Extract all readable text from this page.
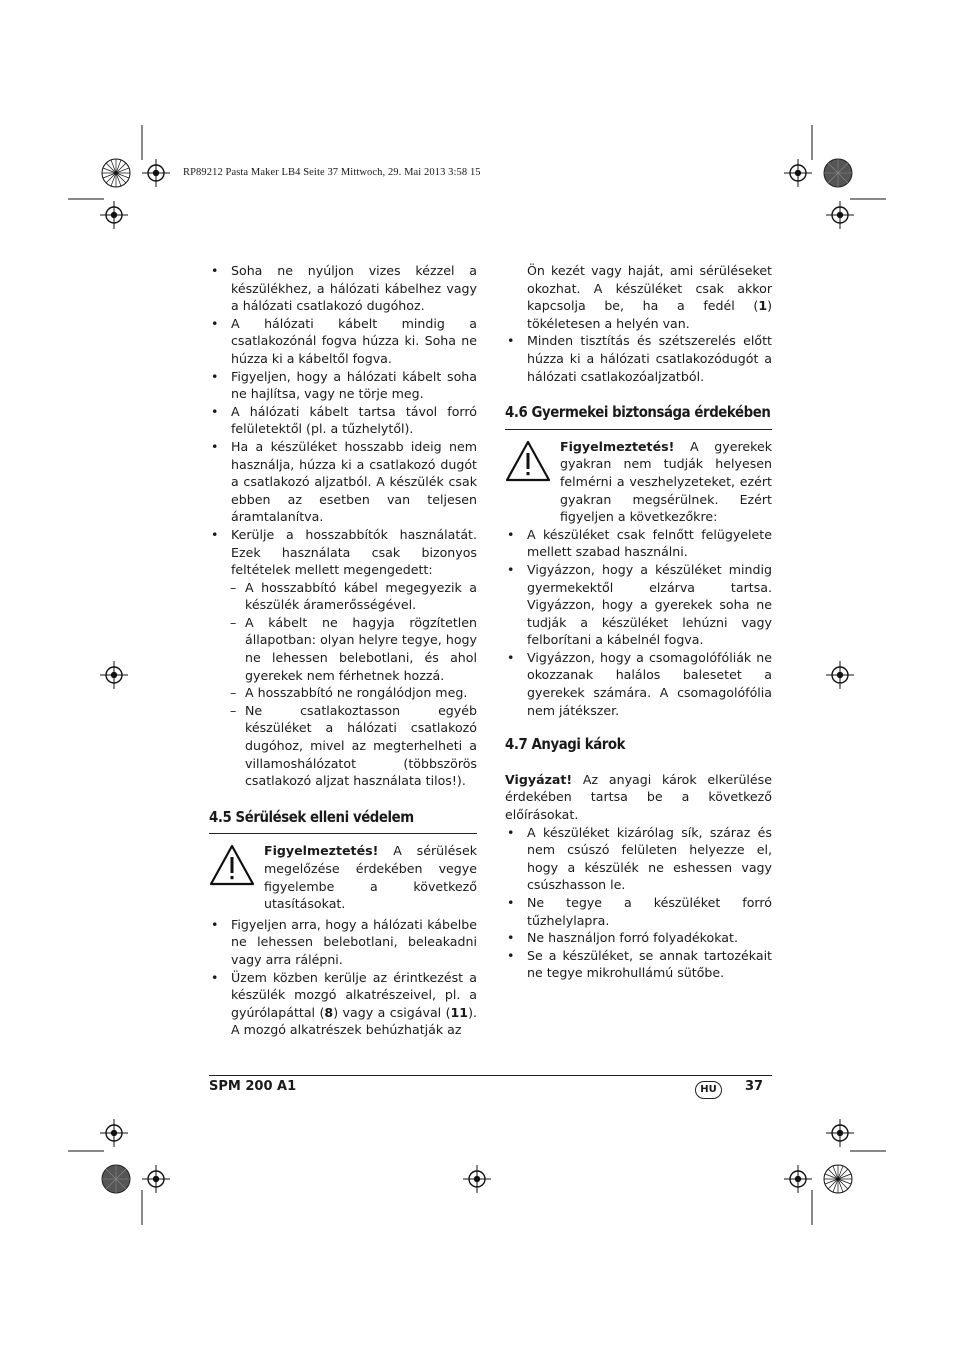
RP89212 Pasta Maker LB4 Seite 37 Mittwoch, 29. Mai 2013 3:58 15
• Soha ne nyúljon vizes kézzel a készülékhez, a hálózati kábelhez vagy a hálózati csatlakozó dugóhoz.
• A hálózati kábelt mindig a csatlakozónál fogva húzza ki. Soha ne húzza ki a kábeltől fogva.
• Figyeljen, hogy a hálózati kábelt soha ne hajlítsa, vagy ne törje meg.
• A hálózati kábelt tartsa távol forró felületektől (pl. a tűzhelytől).
• Ha a készüléket hosszabb ideig nem használja, húzza ki a csatlakozó dugót a csatlakozó aljzatból. A készülék csak ebben az esetben van teljesen áramtalanítva.
• Kerülje a hosszabbítók használatát. Ezek használata csak bizonyos feltételek mellett megengedett:
– A hosszabbító kábel megegyezik a készülék áramerősségével.
– A kábelt ne hagyja rögzítetlen állapotban: olyan helyre tegye, hogy ne lehessen belebotlani, és ahol gyerekek nem férhetnek hozzá.
– A hosszabbító ne rongálódjon meg.
– Ne csatlakoztasson egyéb készüléket a hálózati csatlakozó dugóhoz, mivel az megterhelheti a villamoshálózatot (többszörös csatlakozó aljzat használata tilos!).
4.5 Sérülések elleni védelem
Figyelmeztetés! A sérülések megelőzése érdekében vegye figyelembe a következő utasításokat.
• Figyeljen arra, hogy a hálózati kábelbe ne lehessen belebotlani, beleakadni vagy arra rálépni.
• Üzem közben kerülje az érintkezést a készülék mozgó alkatrészeivel, pl. a gyúrólapáttal (8) vagy a csigával (11). A mozgó alkatrészek behúzhatják az
Ön kezét vagy haját, ami sérüléseket okozhat. A készüléket csak akkor kapcsolja be, ha a fedél (1) tökéletesen a helyén van.
• Minden tisztítás és szétszerelés előtt húzza ki a hálózati csatlakozódugót a hálózati csatlakozóaljzatból.
4.6 Gyermekei biztonsága érdekében
Figyelmeztetés! A gyerekek gyakran nem tudják helyesen felmérni a veszhelyzeteket, ezért gyakran megsérülnek. Ezért figyeljen a következőkre:
• A készüléket csak felnőtt felügyelete mellett szabad használni.
• Vigyázzon, hogy a készüléket mindig gyermekektől elzárva tartsa. Vigyázzon, hogy a gyerekek soha ne tudják a készüléket lehúzni vagy felborítani a kábelnél fogva.
• Vigyázzon, hogy a csomagolófóliák ne okozzanak halálos balesetet a gyerekek számára. A csomagolófólia nem játékszer.
4.7 Anyagi károk
Vigyázat! Az anyagi károk elkerülése érdekében tartsa be a következő előírásokat.
• A készüléket kizárólag sík, száraz és nem csúszó felületen helyezze el, hogy a készülék ne eshessen vagy csúszhasson le.
• Ne tegye a készüléket forró tűzhelylapra.
• Ne használjon forró folyadékokat.
• Se a készüléket, se annak tartozékait ne tegye mikrohullámú sütőbe.
SPM 200 A1	HU	37
